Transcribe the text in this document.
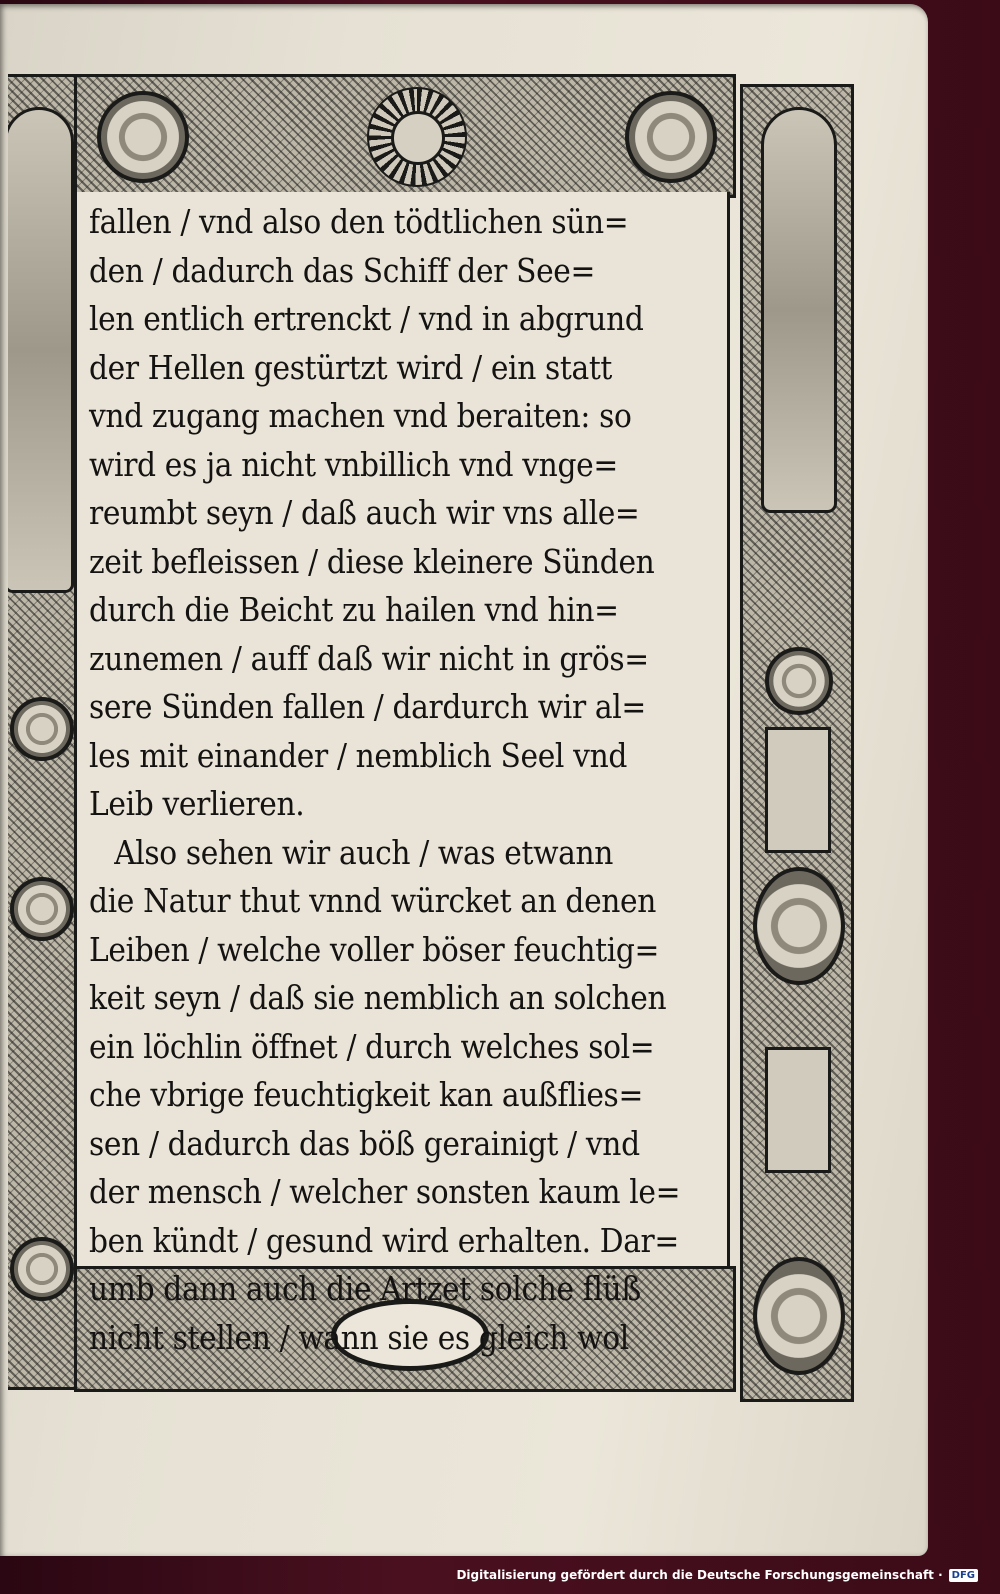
fallen / vnd also den tödtlichen sün=
den / dadurch das Schiff der See=
len entlich ertrenckt / vnd in abgrund
der Hellen gestürtzt wird / ein statt
vnd zugang machen vnd beraiten: so
wird es ja nicht vnbillich vnd vnge=
reumbt seyn / daß auch wir vns alle=
zeit befleissen / diese kleinere Sünden
durch die Beicht zu hailen vnd hin=
zunemen / auff daß wir nicht in grös=
sere Sünden fallen / dardurch wir al=
les mit einander / nemblich Seel vnd
Leib verlieren.
Also sehen wir auch / was etwann
die Natur thut vnnd würcket an denen
Leiben / welche voller böser feuchtig=
keit seyn / daß sie nemblich an solchen
ein löchlin öffnet / durch welches sol=
che vbrige feuchtigkeit kan außflies=
sen / dadurch das böß gerainigt / vnd
der mensch / welcher sonsten kaum le=
ben kündt / gesund wird erhalten. Dar=
umb dann auch die Artzet solche flüß
nicht stellen / wann sie es gleich wol
Digitalisierung gefördert durch die Deutsche Forschungsgemeinschaft · DFG
